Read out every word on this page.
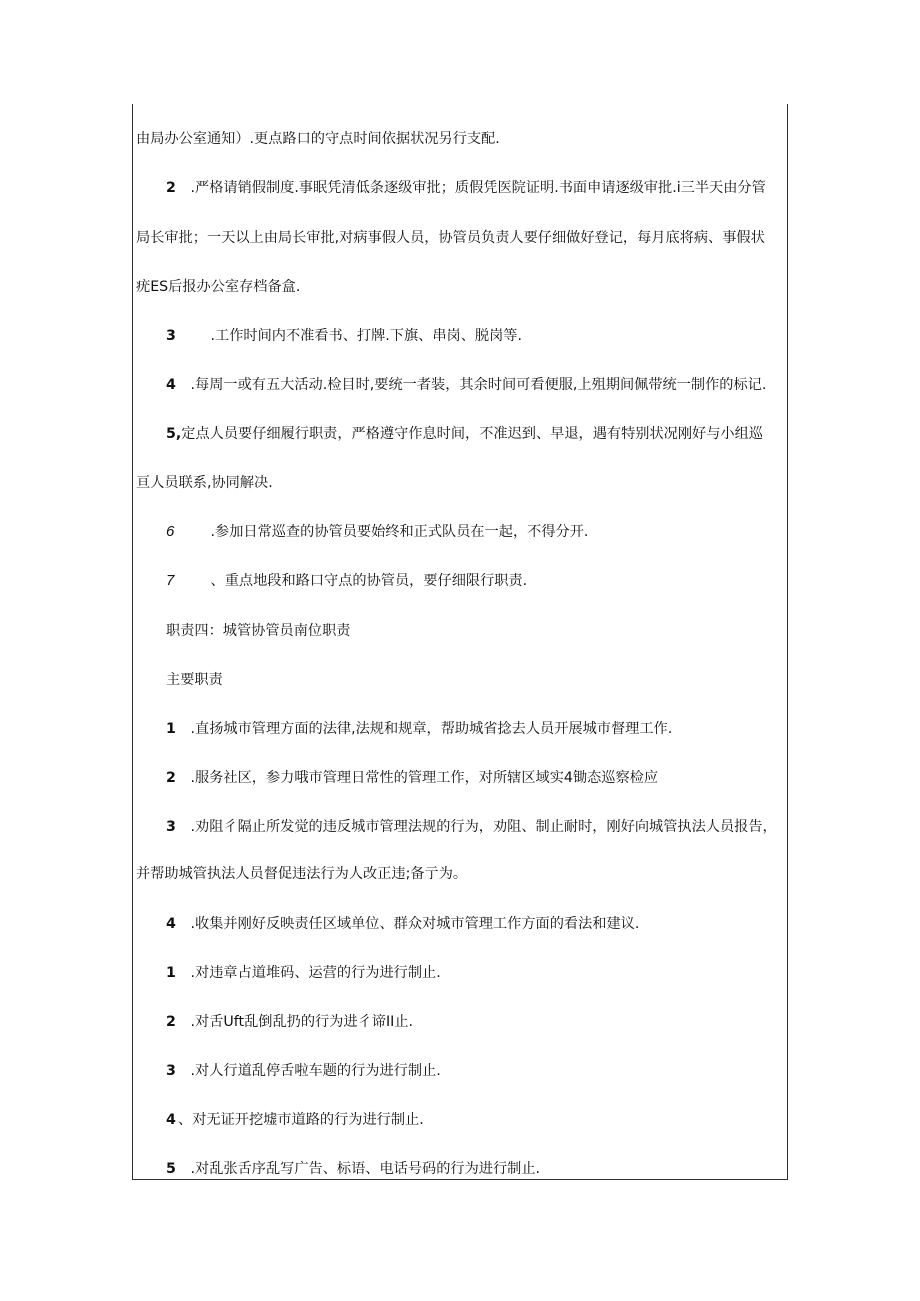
由局办公室通知）.更点路口的守点时间依据状况另行支配.
2 .严格请销假制度.事眠凭清低条逐级审批；质假凭医院证明.书面申请逐级审批.i三半天由分管
局长审批；一天以上由局长审批,对病事假人员，协管员负责人要仔细做好登记，每月底将病、事假状
疣ES后报办公室存档备盒.
3 .工作时间内不准看书、打牌.下旗、串岗、脱岗等.
4 .每周一或有五大活动.检目时,要统一者装，其余时间可看便服,上殂期间佩带统一制作的标记.
5,定点人员要仔细履行职责，严格遵守作息时间，不准迟到、早退，遇有特别状况刚好与小组巡
亘人员联系,协同解决.
6	.参加日常巡查的协管员要始终和正式队员在一起，不得分开.
7	、重点地段和路口守点的协管员，要仔细限行职责.
职责四：城管协管员南位职责
主要职责
1 .直扬城市管理方面的法律,法规和规章，帮助城省捻去人员开展城市督理工作.
2 .服务社区，参力哦市管理日常性的管理工作，对所辖区域实4锄态巡察检应
3 .劝阻彳隔止所发觉的违反城市管理法规的行为，劝阻、制止耐时，刚好向城管执法人员报告，
并帮助城管执法人员督促违法行为人改正违;备亍为。
4 .收集并刚好反映责任区域单位、群众对城市管理工作方面的看法和建议.
1 .对违章占道堆码、运营的行为进行制止.
2 .对舌Uft乱倒乱扔的行为进彳谛II止.
3 .对人行道乱停舌啦车题的行为进行制止.
4 、对无证开挖墟市道路的行为进行制止.
5 .对乱张舌序乱写广告、标语、电话号码的行为进行制止.
